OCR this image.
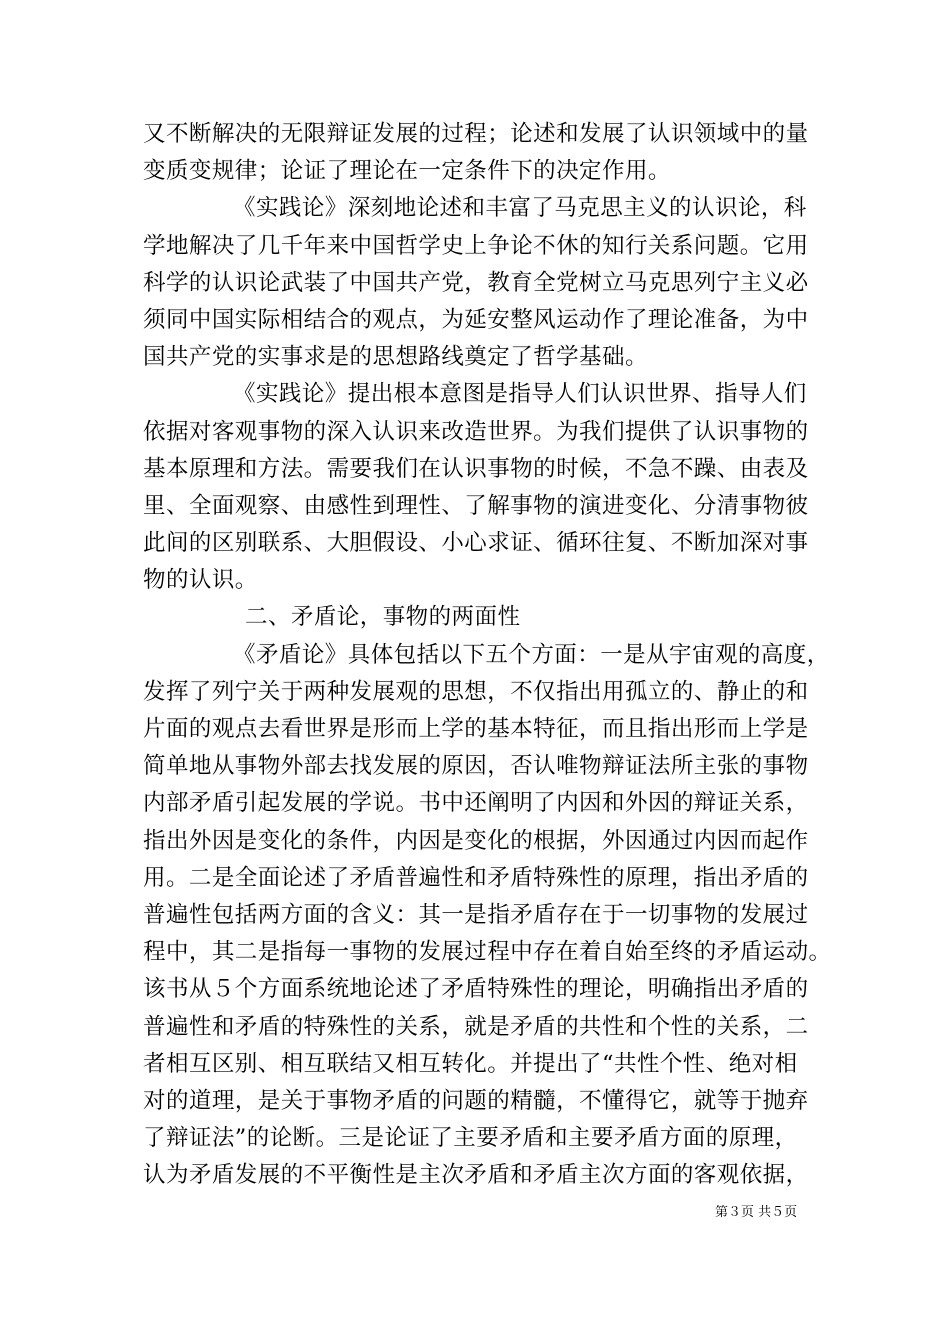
又不断解决的无限辩证发展的过程；论述和发展了认识领域中的量
变质变规律；论证了理论在一定条件下的决定作用。
《实践论》深刻地论述和丰富了马克思主义的认识论，科
学地解决了几千年来中国哲学史上争论不休的知行关系问题。它用
科学的认识论武装了中国共产党，教育全党树立马克思列宁主义必
须同中国实际相结合的观点，为延安整风运动作了理论准备，为中
国共产党的实事求是的思想路线奠定了哲学基础。
《实践论》提出根本意图是指导人们认识世界、指导人们
依据对客观事物的深入认识来改造世界。为我们提供了认识事物的
基本原理和方法。需要我们在认识事物的时候，不急不躁、由表及
里、全面观察、由感性到理性、了解事物的演进变化、分清事物彼
此间的区别联系、大胆假设、小心求证、循环往复、不断加深对事
物的认识。
二、矛盾论，事物的两面性
《矛盾论》具体包括以下五个方面：一是从宇宙观的高度，
发挥了列宁关于两种发展观的思想，不仅指出用孤立的、静止的和
片面的观点去看世界是形而上学的基本特征，而且指出形而上学是
简单地从事物外部去找发展的原因，否认唯物辩证法所主张的事物
内部矛盾引起发展的学说。书中还阐明了内因和外因的辩证关系，
指出外因是变化的条件，内因是变化的根据，外因通过内因而起作
用。二是全面论述了矛盾普遍性和矛盾特殊性的原理，指出矛盾的
普遍性包括两方面的含义：其一是指矛盾存在于一切事物的发展过
程中，其二是指每一事物的发展过程中存在着自始至终的矛盾运动。
该书从５个方面系统地论述了矛盾特殊性的理论，明确指出矛盾的
普遍性和矛盾的特殊性的关系，就是矛盾的共性和个性的关系，二
者相互区别、相互联结又相互转化。并提出了“共性个性、绝对相
对的道理，是关于事物矛盾的问题的精髓，不懂得它，就等于抛弃
了辩证法”的论断。三是论证了主要矛盾和主要矛盾方面的原理，
认为矛盾发展的不平衡性是主次矛盾和矛盾主次方面的客观依据，
第３页 共５页
